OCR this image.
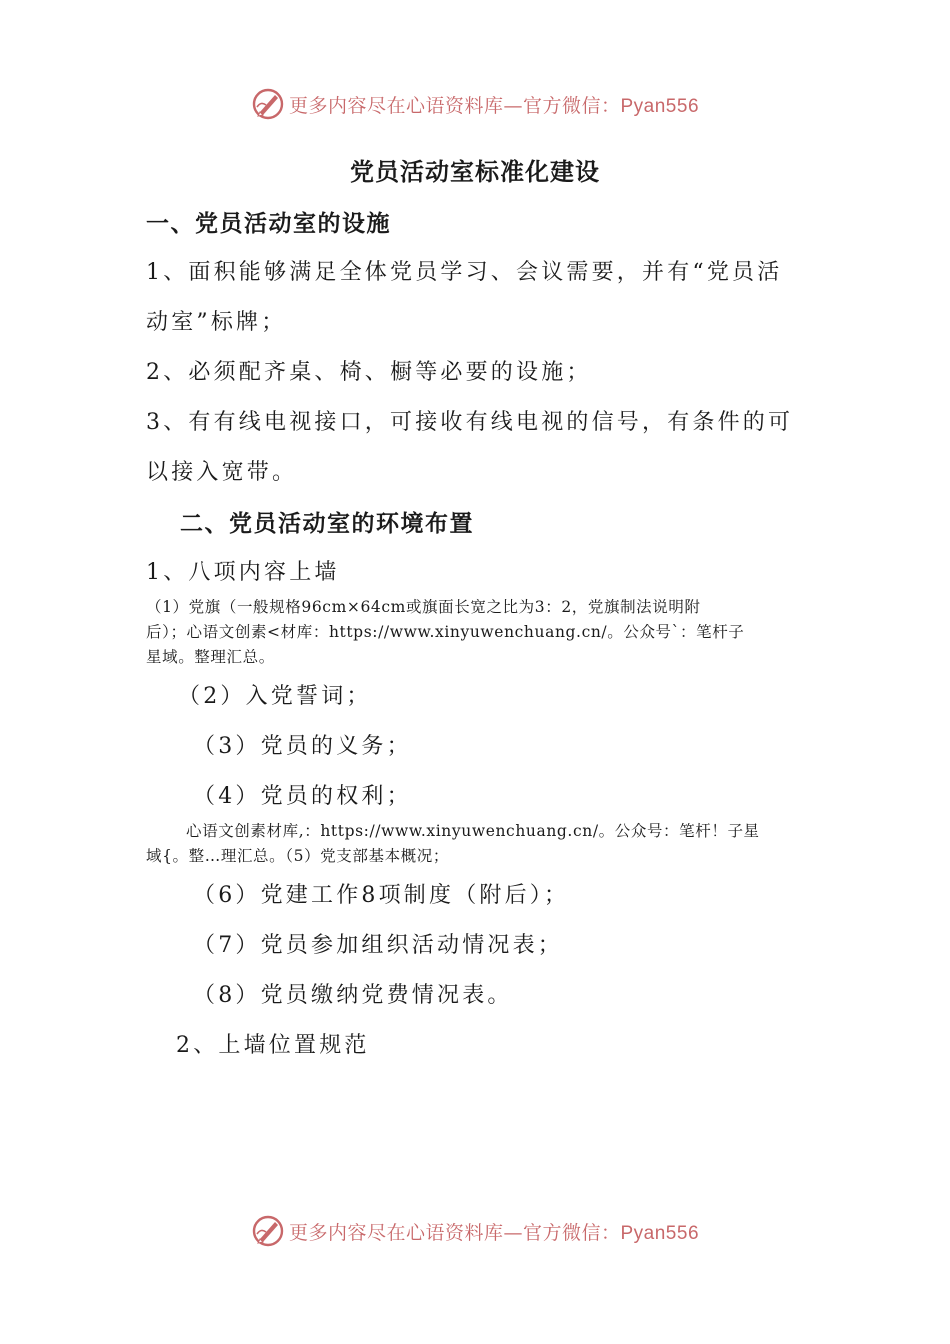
更多内容尽在心语资料库—官方微信：Pyan556
党员活动室标准化建设
一、党员活动室的设施
1、面积能够满足全体党员学习、会议需要，并有“党员活
动室”标牌；
2、必须配齐桌、椅、橱等必要的设施；
3、有有线电视接口，可接收有线电视的信号，有条件的可
以接入宽带。
二、党员活动室的环境布置
1、八项内容上墙
（1）党旗（一般规格96cm×64cm或旗面长宽之比为3：2，党旗制法说明附
后）；心语文创素<材库：https://www.xinyuwenchuang.cn/。公众号`：笔杆子
星域。整理汇总。
（2）入党誓词；
（3）党员的义务；
（4）党员的权利；
心语文创素材库,：https://www.xinyuwenchuang.cn/。公众号：笔杆！子星
域{。整…理汇总。（5）党支部基本概况；
（6）党建工作8项制度（附后）；
（7）党员参加组织活动情况表；
（8）党员缴纳党费情况表。
2、上墙位置规范
更多内容尽在心语资料库—官方微信：Pyan556
